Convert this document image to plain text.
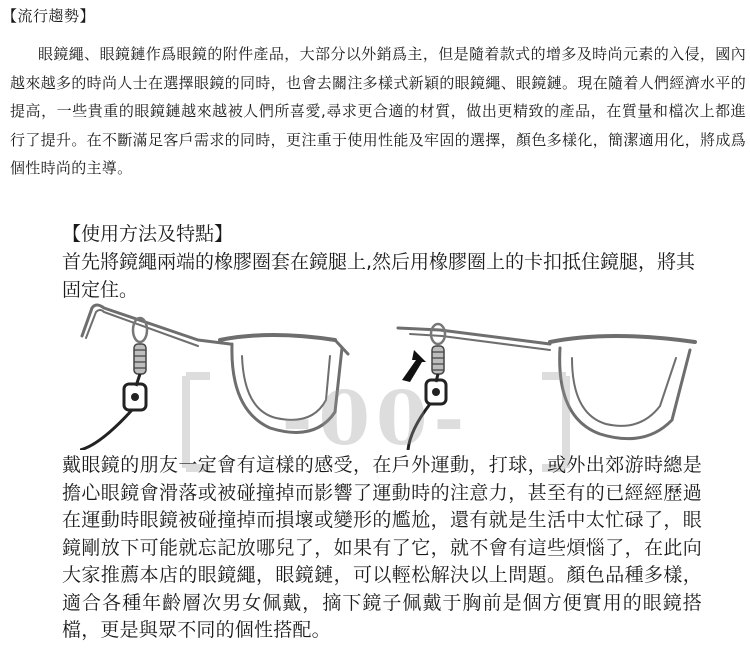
【流行趨勢】

眼鏡繩、眼鏡鏈作爲眼鏡的附件產品，大部分以外銷爲主，但是隨着款式的增多及時尚元素的入侵，國內越來越多的時尚人士在選擇眼鏡的同時，也會去關注多樣式新穎的眼鏡繩、眼鏡鏈。現在隨着人們經濟水平的提高，一些貴重的眼鏡鏈越來越被人們所喜愛,尋求更合適的材質，做出更精致的產品，在質量和檔次上都進行了提升。在不斷滿足客戶需求的同時，更注重于使用性能及牢固的選擇，顏色多樣化，簡潔適用化，將成爲個性時尚的主導。

【使用方法及特點】

首先將鏡繩兩端的橡膠圈套在鏡腿上,然后用橡膠圈上的卡扣抵住鏡腿，將其固定住。

-00-

戴眼鏡的朋友一定會有這樣的感受，在戶外運動，打球，或外出郊游時總是擔心眼鏡會滑落或被碰撞掉而影響了運動時的注意力，甚至有的已經經歷過在運動時眼鏡被碰撞掉而損壞或變形的尷尬，還有就是生活中太忙碌了，眼鏡剛放下可能就忘記放哪兒了，如果有了它，就不會有這些煩惱了，在此向大家推薦本店的眼鏡繩，眼鏡鏈，可以輕松解決以上問題。顏色品種多樣，適合各種年齡層次男女佩戴，摘下鏡子佩戴于胸前是個方便實用的眼鏡搭檔，更是與眾不同的個性搭配。
